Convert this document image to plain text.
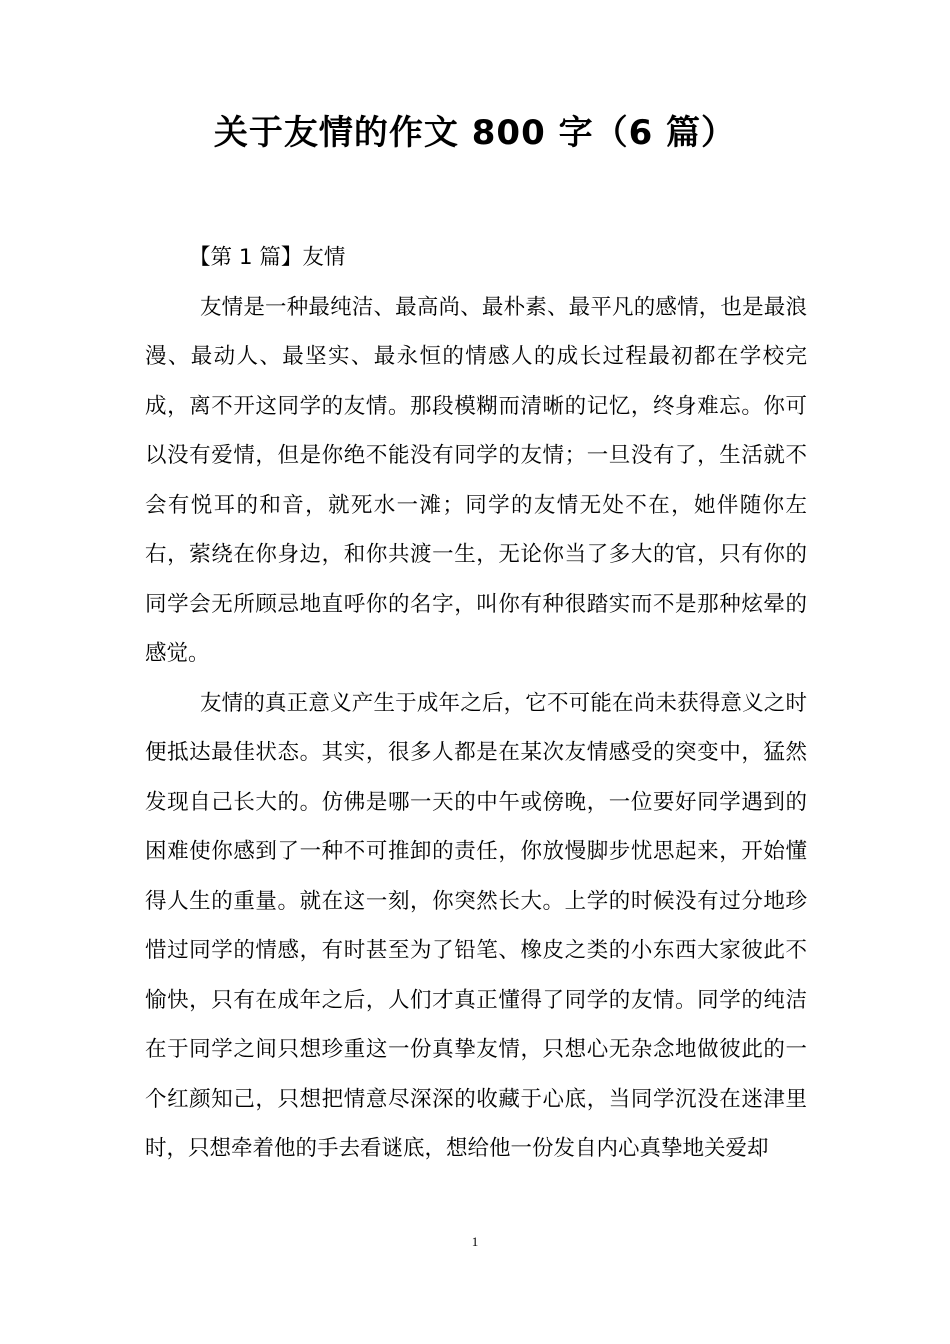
关于友情的作文 800 字（6 篇）

【第 1 篇】友情

友情是一种最纯洁、最高尚、最朴素、最平凡的感情，也是最浪漫、最动人、最坚实、最永恒的情感人的成长过程最初都在学校完成，离不开这同学的友情。那段模糊而清晰的记忆，终身难忘。你可以没有爱情，但是你绝不能没有同学的友情；一旦没有了，生活就不会有悦耳的和音，就死水一滩；同学的友情无处不在，她伴随你左右，萦绕在你身边，和你共渡一生，无论你当了多大的官，只有你的同学会无所顾忌地直呼你的名字，叫你有种很踏实而不是那种炫晕的感觉。

友情的真正意义产生于成年之后，它不可能在尚未获得意义之时便抵达最佳状态。其实，很多人都是在某次友情感受的突变中，猛然发现自己长大的。仿佛是哪一天的中午或傍晚，一位要好同学遇到的困难使你感到了一种不可推卸的责任，你放慢脚步忧思起来，开始懂得人生的重量。就在这一刻，你突然长大。上学的时候没有过分地珍惜过同学的情感，有时甚至为了铅笔、橡皮之类的小东西大家彼此不愉快，只有在成年之后，人们才真正懂得了同学的友情。同学的纯洁在于同学之间只想珍重这一份真挚友情，只想心无杂念地做彼此的一个红颜知己，只想把情意尽深深的收藏于心底，当同学沉没在迷津里时，只想牵着他的手去看谜底，想给他一份发自内心真挚地关爱却

1
